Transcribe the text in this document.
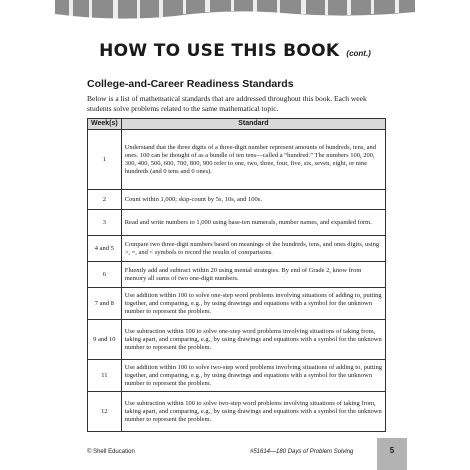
HOW TO USE THIS BOOK (cont.)
College-and-Career Readiness Standards

Below is a list of mathematical standards that are addressed throughout this book. Each week students solve problems related to the same mathematical topic.

Week(s)	Standard
1	Understand that the three digits of a three-digit number represent amounts of hundreds, tens, and ones. 100 can be thought of as a bundle of ten tens—called a “hundred.” The numbers 100, 200, 300, 400, 500, 600, 700, 800, 900 refer to one, two, three, four, five, six, seven, eight, or nine hundreds (and 0 tens and 0 ones).
2	Count within 1,000; skip-count by 5s, 10s, and 100s.
3	Read and write numbers to 1,000 using base-ten numerals, number names, and expanded form.
4 and 5	Compare two three-digit numbers based on meanings of the hundreds, tens, and ones digits, using >, =, and < symbols to record the results of comparisons.
6	Fluently add and subtract within 20 using mental strategies. By end of Grade 2, know from memory all sums of two one-digit numbers.
7 and 8	Use addition within 100 to solve one-step word problems involving situations of adding to, putting together, and comparing, e.g., by using drawings and equations with a symbol for the unknown number to represent the problem.
9 and 10	Use subtraction within 100 to solve one-step word problems involving situations of taking from, taking apart, and comparing, e.g., by using drawings and equations with a symbol for the unknown number to represent the problem.
11	Use addition within 100 to solve two-step word problems involving situations of adding to, putting together, and comparing, e.g., by using drawings and equations with a symbol for the unknown number to represent the problem.
12	Use subtraction within 100 to solve two-step word problems involving situations of taking from, taking apart, and comparing, e.g., by using drawings and equations with a symbol for the unknown number to represent the problem.
© Shell Education	#51614—180 Days of Problem Solving	5
